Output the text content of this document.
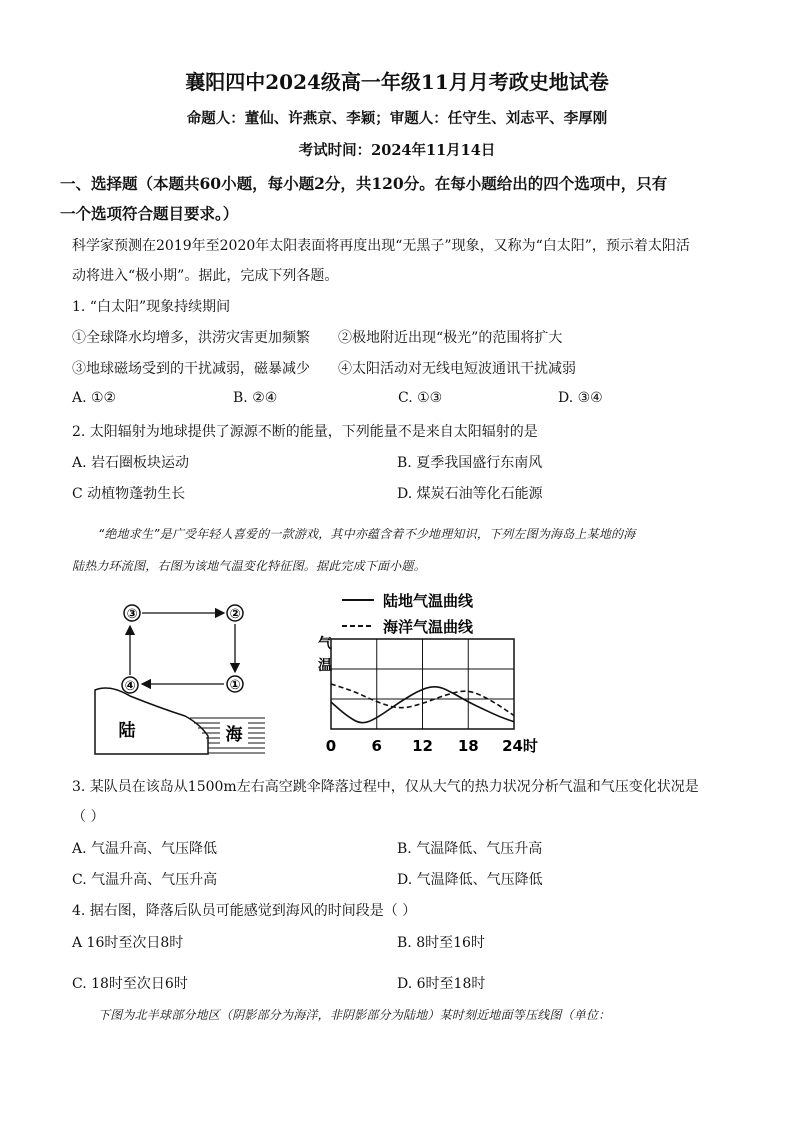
襄阳四中2024级高一年级11月月考政史地试卷
命题人：董仙、许燕京、李颖；审题人：任守生、刘志平、李厚刚
考试时间：2024年11月14日
一、选择题（本题共60小题，每小题2分，共120分。在每小题给出的四个选项中，只有
一个选项符合题目要求。）
科学家预测在2019年至2020年太阳表面将再度出现“无黑子”现象，又称为“白太阳”，预示着太阳活
动将进入“极小期”。据此，完成下列各题。
1. “白太阳”现象持续期间
①全球降水均增多，洪涝灾害更加频繁 ②极地附近出现“极光”的范围将扩大
③地球磁场受到的干扰减弱，磁暴减少 ④太阳活动对无线电短波通讯干扰减弱
A. ①②	B. ②④	C. ①③	D. ③④
2. 太阳辐射为地球提供了源源不断的能量，下列能量不是来自太阳辐射的是
A. 岩石圈板块运动	B. 夏季我国盛行东南风
C 动植物蓬勃生长	D. 煤炭石油等化石能源
“绝地求生”是广受年轻人喜爱的一款游戏，其中亦蕴含着不少地理知识，下列左图为海岛上某地的海
陆热力环流图，右图为该地气温变化特征图。据此完成下面小题。
③	②
④	①
海
陆
陆地气温曲线
海洋气温曲线
气
温
0 6 12 18 24时
3. 某队员在该岛从1500m左右高空跳伞降落过程中，仅从大气的热力状况分析气温和气压变化状况是
（ ）
A. 气温升高、气压降低	B. 气温降低、气压升高
C. 气温升高、气压升高	D. 气温降低、气压降低
4. 据右图，降落后队员可能感觉到海风的时间段是（ ）
A 16时至次日8时	B. 8时至16时
C. 18时至次日6时	D. 6时至18时
下图为北半球部分地区（阴影部分为海洋，非阴影部分为陆地）某时刻近地面等压线图（单位：
